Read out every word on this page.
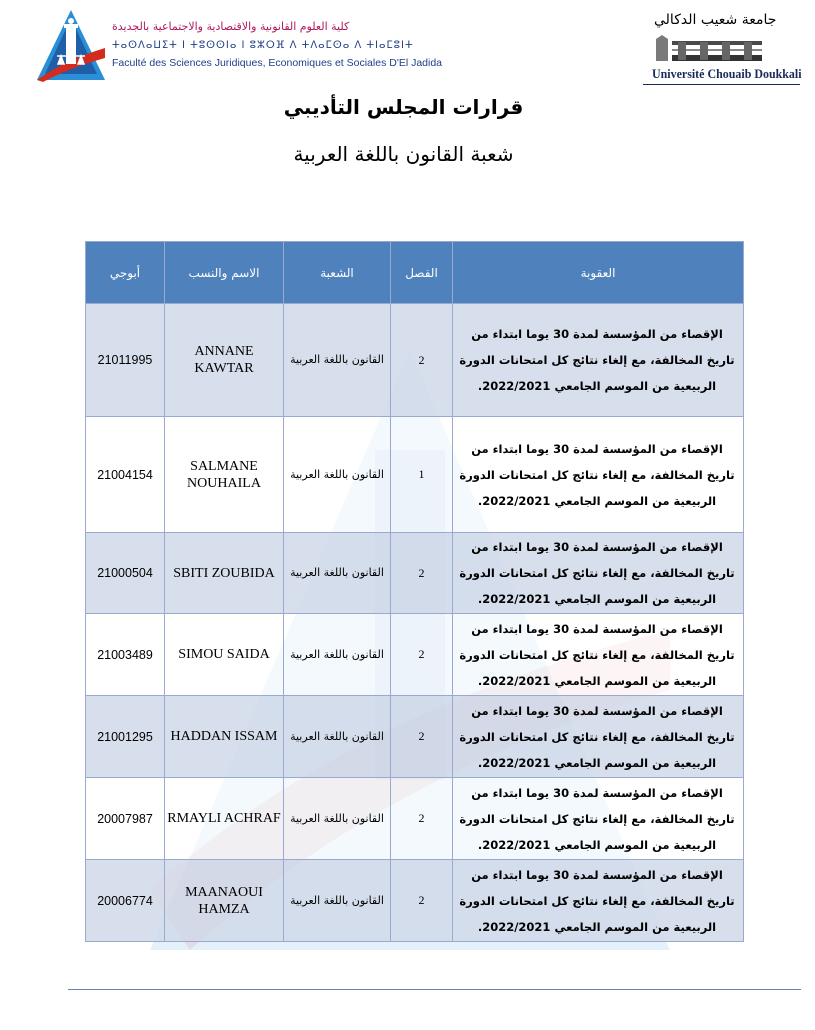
كلية العلوم القانونية والاقتصادية والاجتماعية بالجديدة
ⵜⴰⵙⴷⴰⵡⵉⵜ ⵏ ⵜⵓⵙⵙⵏⴰ ⵏ ⵓⵣⵔⴼ ⴷ ⵜⴷⴰⵎⵙⴰ ⴷ ⵜⵏⴰⵎⵓⵏⵜ
Faculté des Sciences Juridiques, Economiques et Sociales D'El Jadida
جامعة شعيب الدكالي
Université Chouaib Doukkali
قرارات المجلس التأديبي
شعبة القانون باللغة العربية
أبوجي	الاسم والنسب	الشعبة	الفصل	العقوبة
21011995	ANNANE KAWTAR	القانون باللغة العربية	2	الإقصاء من المؤسسة لمدة 30 يوما ابتداء من تاريخ المخالفة، مع إلغاء نتائج كل امتحانات الدورة الربيعية من الموسم الجامعي 2022/2021.
21004154	SALMANE NOUHAILA	القانون باللغة العربية	1	الإقصاء من المؤسسة لمدة 30 يوما ابتداء من تاريخ المخالفة، مع إلغاء نتائج كل امتحانات الدورة الربيعية من الموسم الجامعي 2022/2021.
21000504	SBITI ZOUBIDA	القانون باللغة العربية	2	الإقصاء من المؤسسة لمدة 30 يوما ابتداء من تاريخ المخالفة، مع إلغاء نتائج كل امتحانات الدورة الربيعية من الموسم الجامعي 2022/2021.
21003489	SIMOU SAIDA	القانون باللغة العربية	2	الإقصاء من المؤسسة لمدة 30 يوما ابتداء من تاريخ المخالفة، مع إلغاء نتائج كل امتحانات الدورة الربيعية من الموسم الجامعي 2022/2021.
21001295	HADDAN ISSAM	القانون باللغة العربية	2	الإقصاء من المؤسسة لمدة 30 يوما ابتداء من تاريخ المخالفة، مع إلغاء نتائج كل امتحانات الدورة الربيعية من الموسم الجامعي 2022/2021.
20007987	RMAYLI ACHRAF	القانون باللغة العربية	2	الإقصاء من المؤسسة لمدة 30 يوما ابتداء من تاريخ المخالفة، مع إلغاء نتائج كل امتحانات الدورة الربيعية من الموسم الجامعي 2022/2021.
20006774	MAANAOUI HAMZA	القانون باللغة العربية	2	الإقصاء من المؤسسة لمدة 30 يوما ابتداء من تاريخ المخالفة، مع إلغاء نتائج كل امتحانات الدورة الربيعية من الموسم الجامعي 2022/2021.
